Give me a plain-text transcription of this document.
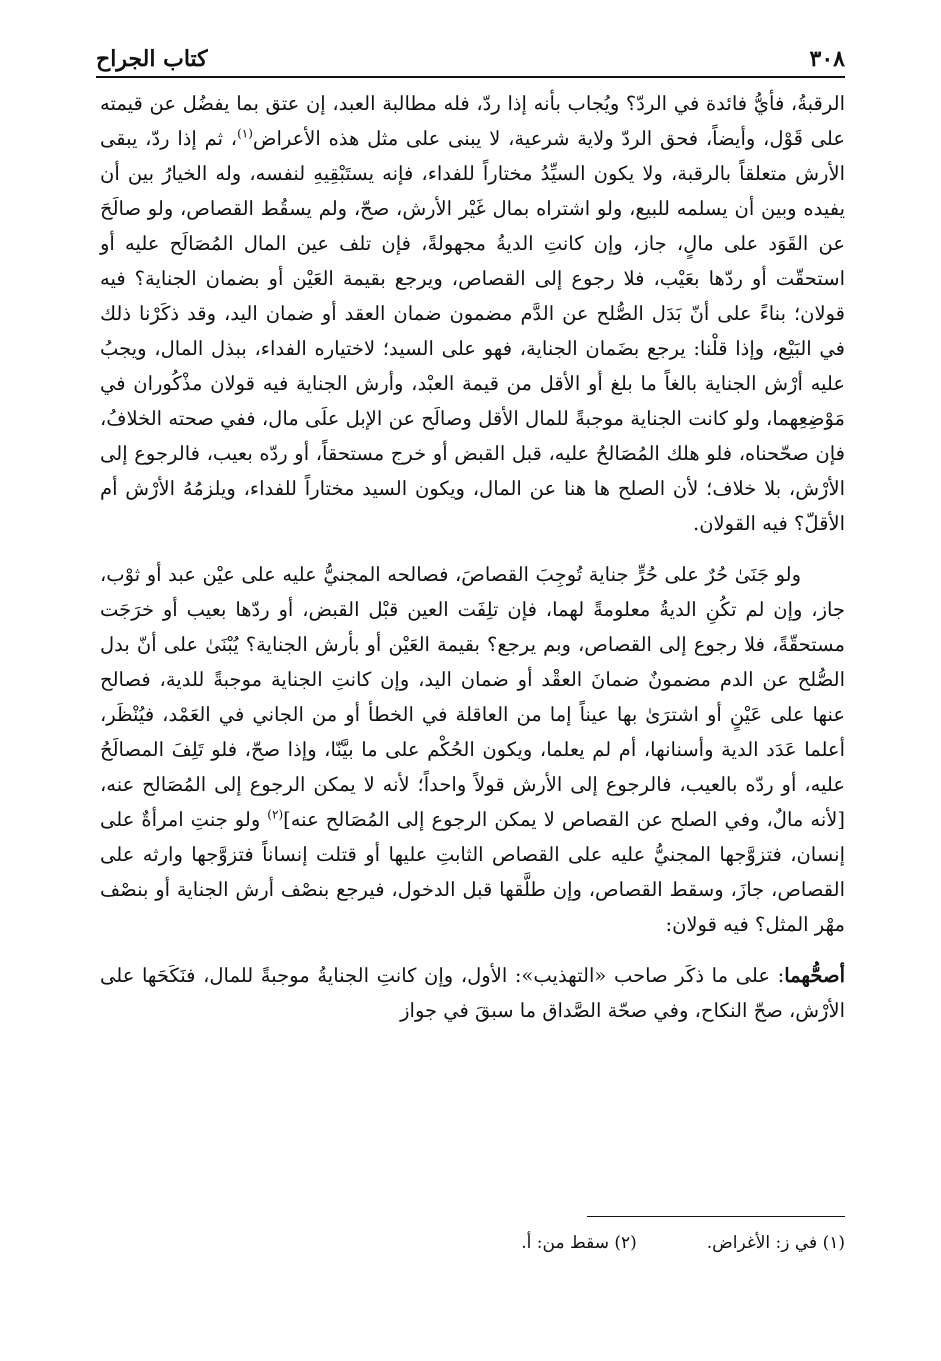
٣٠٨
كتاب الجراح

الرقبةُ، فأيُّ فائدة في الردّ؟ ويُجاب بأنه إذا ردّ، فله مطالبة العبد، إن عتق بما يفضُل عن قيمته على قَوْل، وأيضاً، فحق الردّ ولاية شرعية، لا يبنى على مثل هذه الأعراض$^{(١)}$، ثم إذا ردّ، يبقى الأرش متعلقاً بالرقبة، ولا يكون السيِّدُ مختاراً للفداء، فإنه يستَبْقِيهِ لنفسه، وله الخيارُ بين أن يفيده وبين أن يسلمه للبيع، ولو اشتراه بمال غَيْر الأرش، صحّ، ولم يسقُط القصاص، ولو صالَحَ عن القَوَد على مالٍ، جاز، وإن كانتِ الديةُ مجهولةً، فإن تلف عين المال المُصَالَح عليه أو استحقّت أو ردّها بعَيْب، فلا رجوع إلى القصاص، ويرجع بقيمة العَيْن أو بضمان الجناية؟ فيه قولان؛ بناءً على أنّ بَدَل الصُّلح عن الدَّم مضمون ضمان العقد أو ضمان اليد، وقد ذكَرْنا ذلك في البَيْع، وإذا قلْنا: يرجع بضَمان الجناية، فهو على السيد؛ لاختياره الفداء، ببذل المال، ويجبُ عليه أرْش الجناية بالغاً ما بلغ أو الأقل من قيمة العبْد، وأرش الجناية فيه قولان مذْكُوران في مَوْضِعِهما، ولو كانت الجناية موجبةً للمال الأقل وصالَح عن الإبل علَى مال، ففي صحته الخلافُ، فإن صحّحناه، فلو هلك المُصَالحُ عليه، قبل القبض أو خرج مستحقاً، أو ردّه بعيب، فالرجوع إلى الأرْش، بلا خلاف؛ لأن الصلح ها هنا عن المال، ويكون السيد مختاراً للفداء، ويلزمُهُ الأرْش أم الأقلّ؟ فيه القولان.

ولو جَنَىٰ حُرٌ على حُرٍّ جناية تُوجِبَ القصاصَ، فصالحه المجنيُّ عليه على عيْن عبد أو ثوْب، جاز، وإن لم تكُنِ الديةُ معلومةً لهما، فإن تلِفَت العين قبْل القبض، أو ردّها بعيب أو خرَجَت مستحقّةً، فلا رجوع إلى القصاص، وبم يرجع؟ بقيمة العَيْن أو بأرش الجناية؟ يُبْنَىٰ على أنّ بدل الصُّلح عن الدم مضمونٌ ضمانَ العقْد أو ضمان اليد، وإن كانتِ الجناية موجبةً للدية، فصالح عنها على عَيْنٍ أو اشترَىٰ بها عيناً إما من العاقلة في الخطأ أو من الجاني في العَمْد، فيُنْظَر، أعلما عَدَد الدية وأسنانها، أم لم يعلما، ويكون الحُكْم على ما بيَّنّا، وإذا صحّ، فلو تَلِفَ المصالَحُ عليه، أو ردّه بالعيب، فالرجوع إلى الأرش قولاً واحداً؛ لأنه لا يمكن الرجوع إلى المُصَالح عنه، [لأنه مالٌ، وفي الصلح عن القصاص لا يمكن الرجوع إلى المُصَالح عنه]$^{(٢)}$ ولو جنتِ امرأةٌ على إنسان، فتزوَّجها المجنيُّ عليه على القصاص الثابتِ عليها أو قتلت إنساناً فتزوَّجها وارثه على القصاص، جازَ، وسقط القصاص، وإن طلَّقها قبل الدخول، فيرجع بنصْف أرش الجناية أو بنصْف مهْر المثل؟ فيه قولان:

أصحُّهما: على ما ذكَر صاحب «التهذيب»: الأول، وإن كانتِ الجنايةُ موجبةً للمال، فنَكَحَها على الأرْش، صحّ النكاح، وفي صحّة الصَّداق ما سبقَ في جواز

(١) في ز: الأغراض.
(٢) سقط من: أ.
